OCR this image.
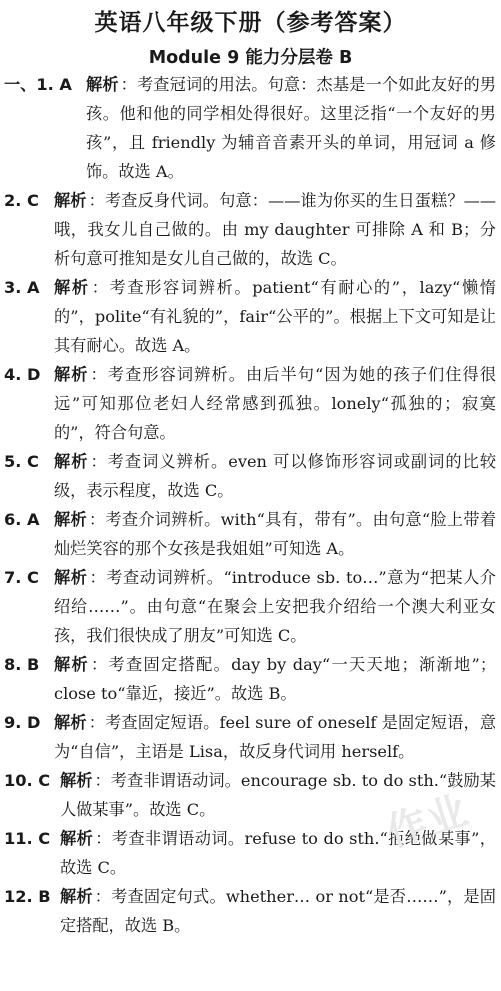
英语八年级下册（参考答案）
Module 9 能力分层卷 B
一、1. A 解析 ：考查冠词的用法。句意：杰基是一个如此友好的男孩。他和他的同学相处得很好。这里泛指“一个友好的男孩”，且 friendly 为辅音音素开头的单词，用冠词 a 修饰。故选 A。
2. C 解析 ：考查反身代词。句意：——谁为你买的生日蛋糕？——哦，我女儿自己做的。由 my daughter 可排除 A 和 B；分析句意可推知是女儿自己做的，故选 C。
3. A 解析 ：考查形容词辨析。patient“有耐心的”，lazy“懒惰的”，polite“有礼貌的”，fair“公平的”。根据上下文可知是让其有耐心。故选 A。
4. D 解析 ：考查形容词辨析。由后半句“因为她的孩子们住得很远”可知那位老妇人经常感到孤独。lonely“孤独的；寂寞的”，符合句意。
5. C 解析 ：考查词义辨析。even 可以修饰形容词或副词的比较级，表示程度，故选 C。
6. A 解析 ：考查介词辨析。with“具有，带有”。由句意“脸上带着灿烂笑容的那个女孩是我姐姐”可知选 A。
7. C 解析 ：考查动词辨析。“introduce sb. to…”意为“把某人介绍给……”。由句意“在聚会上安把我介绍给一个澳大利亚女孩，我们很快成了朋友”可知选 C。
8. B 解析 ：考查固定搭配。day by day“一天天地；渐渐地”；close to“靠近，接近”。故选 B。
9. D 解析 ：考查固定短语。feel sure of oneself 是固定短语，意为“自信”，主语是 Lisa，故反身代词用 herself。
10. C 解析 ：考查非谓语动词。encourage sb. to do sth.“鼓励某人做某事”。故选 C。
11. C 解析 ：考查非谓语动词。refuse to do sth.“拒绝做某事”，故选 C。
12. B 解析 ：考查固定句式。whether… or not“是否……”，是固定搭配，故选 B。
作业
